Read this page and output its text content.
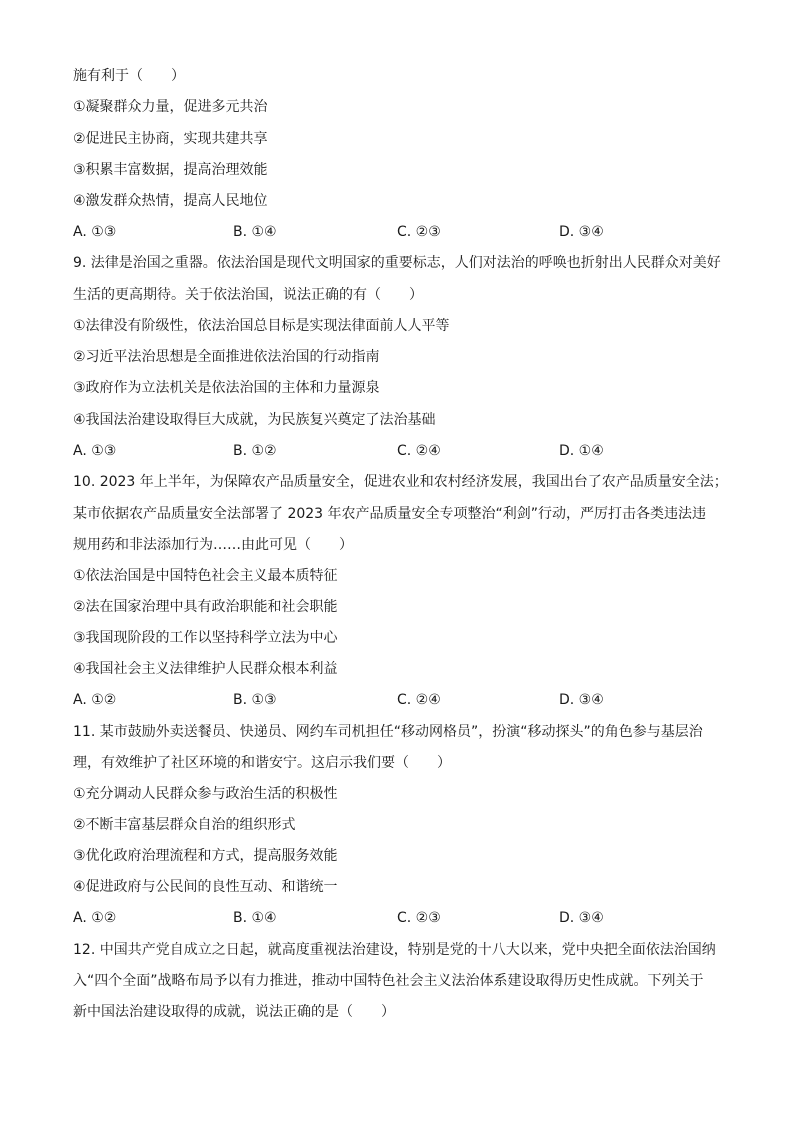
施有利于（　　）
①凝聚群众力量，促进多元共治
②促进民主协商，实现共建共享
③积累丰富数据，提高治理效能
④激发群众热情，提高人民地位
A. ①③	B. ①④	C. ②③	D. ③④
9. 法律是治国之重器。依法治国是现代文明国家的重要标志，人们对法治的呼唤也折射出人民群众对美好
生活的更高期待。关于依法治国，说法正确的有（　　）
①法律没有阶级性，依法治国总目标是实现法律面前人人平等
②习近平法治思想是全面推进依法治国的行动指南
③政府作为立法机关是依法治国的主体和力量源泉
④我国法治建设取得巨大成就，为民族复兴奠定了法治基础
A. ①③	B. ①②	C. ②④	D. ①④
10. 2023 年上半年，为保障农产品质量安全，促进农业和农村经济发展，我国出台了农产品质量安全法；
某市依据农产品质量安全法部署了 2023 年农产品质量安全专项整治“利剑”行动，严厉打击各类违法违
规用药和非法添加行为……由此可见（　　）
①依法治国是中国特色社会主义最本质特征
②法在国家治理中具有政治职能和社会职能
③我国现阶段的工作以坚持科学立法为中心
④我国社会主义法律维护人民群众根本利益
A. ①②	B. ①③	C. ②④	D. ③④
11. 某市鼓励外卖送餐员、快递员、网约车司机担任“移动网格员”，扮演“移动探头”的角色参与基层治
理，有效维护了社区环境的和谐安宁。这启示我们要（　　）
①充分调动人民群众参与政治生活的积极性
②不断丰富基层群众自治的组织形式
③优化政府治理流程和方式，提高服务效能
④促进政府与公民间的良性互动、和谐统一
A. ①②	B. ①④	C. ②③	D. ③④
12. 中国共产党自成立之日起，就高度重视法治建设，特别是党的十八大以来，党中央把全面依法治国纳
入“四个全面”战略布局予以有力推进，推动中国特色社会主义法治体系建设取得历史性成就。下列关于
新中国法治建设取得的成就，说法正确的是（　　）
